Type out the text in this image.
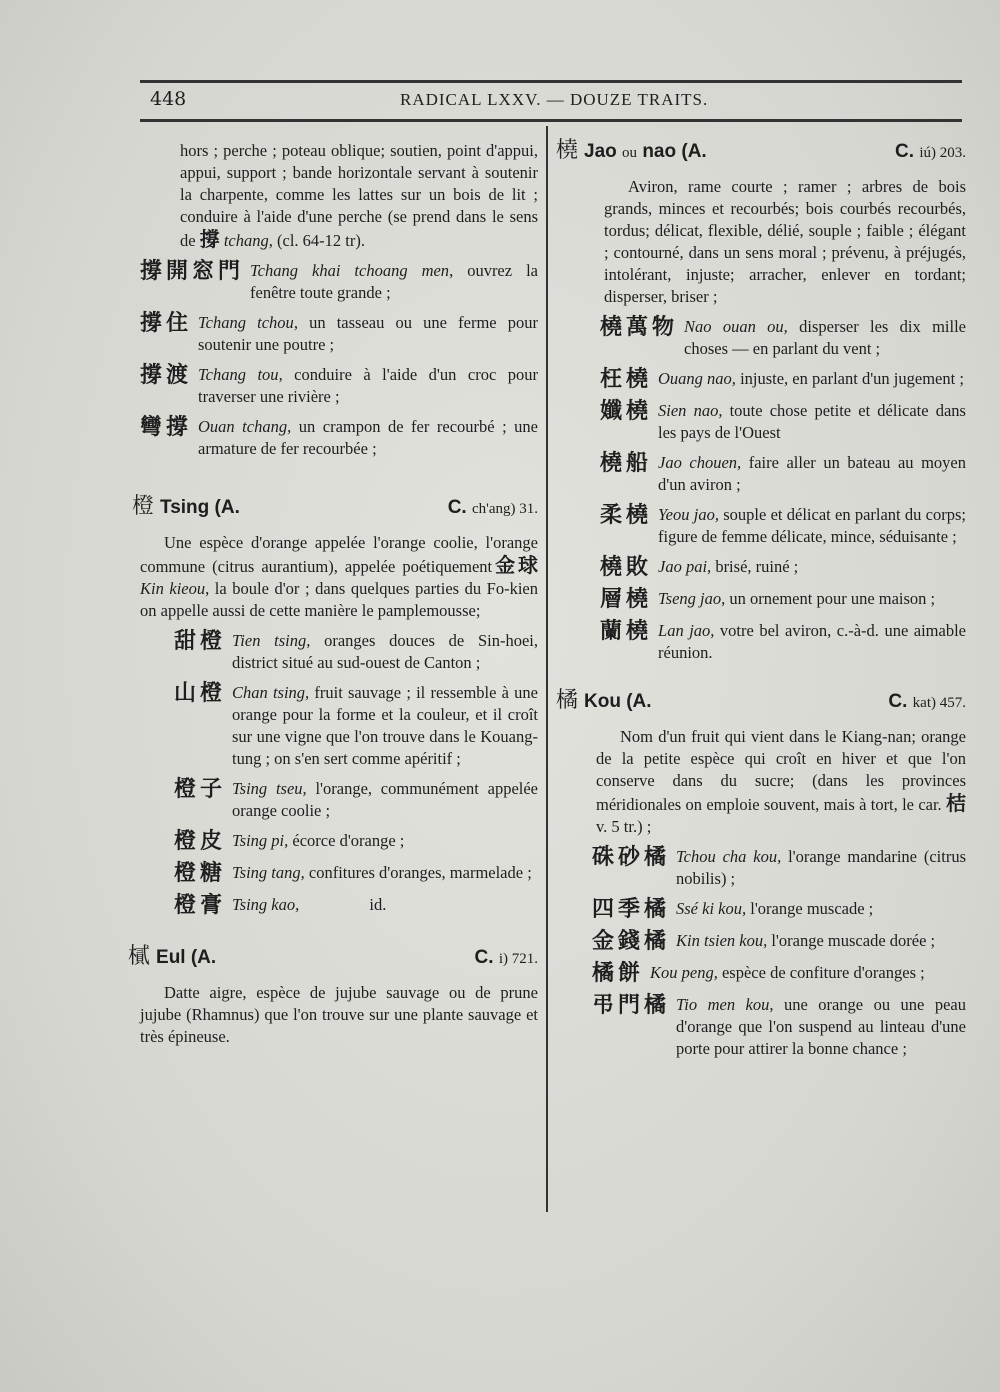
448	RADICAL LXXV. — DOUZE TRAITS.

hors ; perche ; poteau oblique; soutien, point d'appui, appui, support ; bande horizontale servant à soutenir la charpente, comme les lattes sur un bois de lit ; conduire à l'aide d'une perche (se prend dans le sens de 撐 tchang, (cl. 64-12 tr).

撐開窓門 Tchang khai tchoang men, ouvrez la fenêtre toute grande ;
撐住 Tchang tchou, un tasseau ou une ferme pour soutenir une poutre ;
撐渡 Tchang tou, conduire à l'aide d'un croc pour traverser une rivière ;
彎撐 Ouan tchang, un crampon de fer recourbé ; une armature de fer recourbée ;
橙 Tsing (A.	C. ch'ang) 31.

Une espèce d'orange appelée l'orange coolie, l'orange commune (citrus aurantium), appelée poétiquement金球 Kin kieou, la boule d'or ; dans quelques parties du Fo-kien on appelle aussi de cette manière le pamplemousse;

甜橙 Tien tsing, oranges douces de Sin-hoei, district situé au sud-ouest de Canton ;
山橙 Chan tsing, fruit sauvage ; il ressemble à une orange pour la forme et la couleur, et il croît sur une vigne que l'on trouve dans le Kouang-tung ; on s'en sert comme apéritif ;
橙子 Tsing tseu, l'orange, communément appelée orange coolie ;
橙皮 Tsing pi, écorce d'orange ;
橙糖 Tsing tang, confitures d'oranges, marmelade ;
橙膏 Tsing kao,                 id.
樲 Eul (A.	C. i) 721.

Datte aigre, espèce de jujube sauvage ou de prune jujube (Rhamnus) que l'on trouve sur une plante sauvage et très épineuse.

橈 Jao ou nao (A.	C. iú) 203.

Aviron, rame courte ; ramer ; arbres de bois grands, minces et recourbés; bois courbés recourbés, tordus; délicat, flexible, délié, souple ; faible ; élégant ; contourné, dans un sens moral ; prévenu, à préjugés, intolérant, injuste; arracher, enlever en tordant; disperser, briser ;

橈萬物 Nao ouan ou, disperser les dix mille choses — en parlant du vent ;
枉橈 Ouang nao, injuste, en parlant d'un jugement ;
孅橈 Sien nao, toute chose petite et délicate dans les pays de l'Ouest
橈船 Jao chouen, faire aller un bateau au moyen d'un aviron ;
柔橈 Yeou jao, souple et délicat en parlant du corps; figure de femme délicate, mince, séduisante ;
橈敗 Jao pai, brisé, ruiné ;
層橈 Tseng jao, un ornement pour une maison ;
蘭橈 Lan jao, votre bel aviron, c.-à-d. une aimable réunion.
橘 Kou (A.	C. kat) 457.

Nom d'un fruit qui vient dans le Kiang-nan; orange de la petite espèce qui croît en hiver et que l'on conserve dans du sucre; (dans les provinces méridionales on emploie souvent, mais à tort, le car. 桔 v. 5 tr.) ;

硃砂橘 Tchou cha kou, l'orange mandarine (citrus nobilis) ;
四季橘 Ssé ki kou, l'orange muscade ;
金錢橘 Kin tsien kou, l'orange muscade dorée ;
橘餅 Kou peng, espèce de confiture d'oranges ;
弔門橘 Tio men kou, une orange ou une peau d'orange que l'on suspend au linteau d'une porte pour attirer la bonne chance ;
